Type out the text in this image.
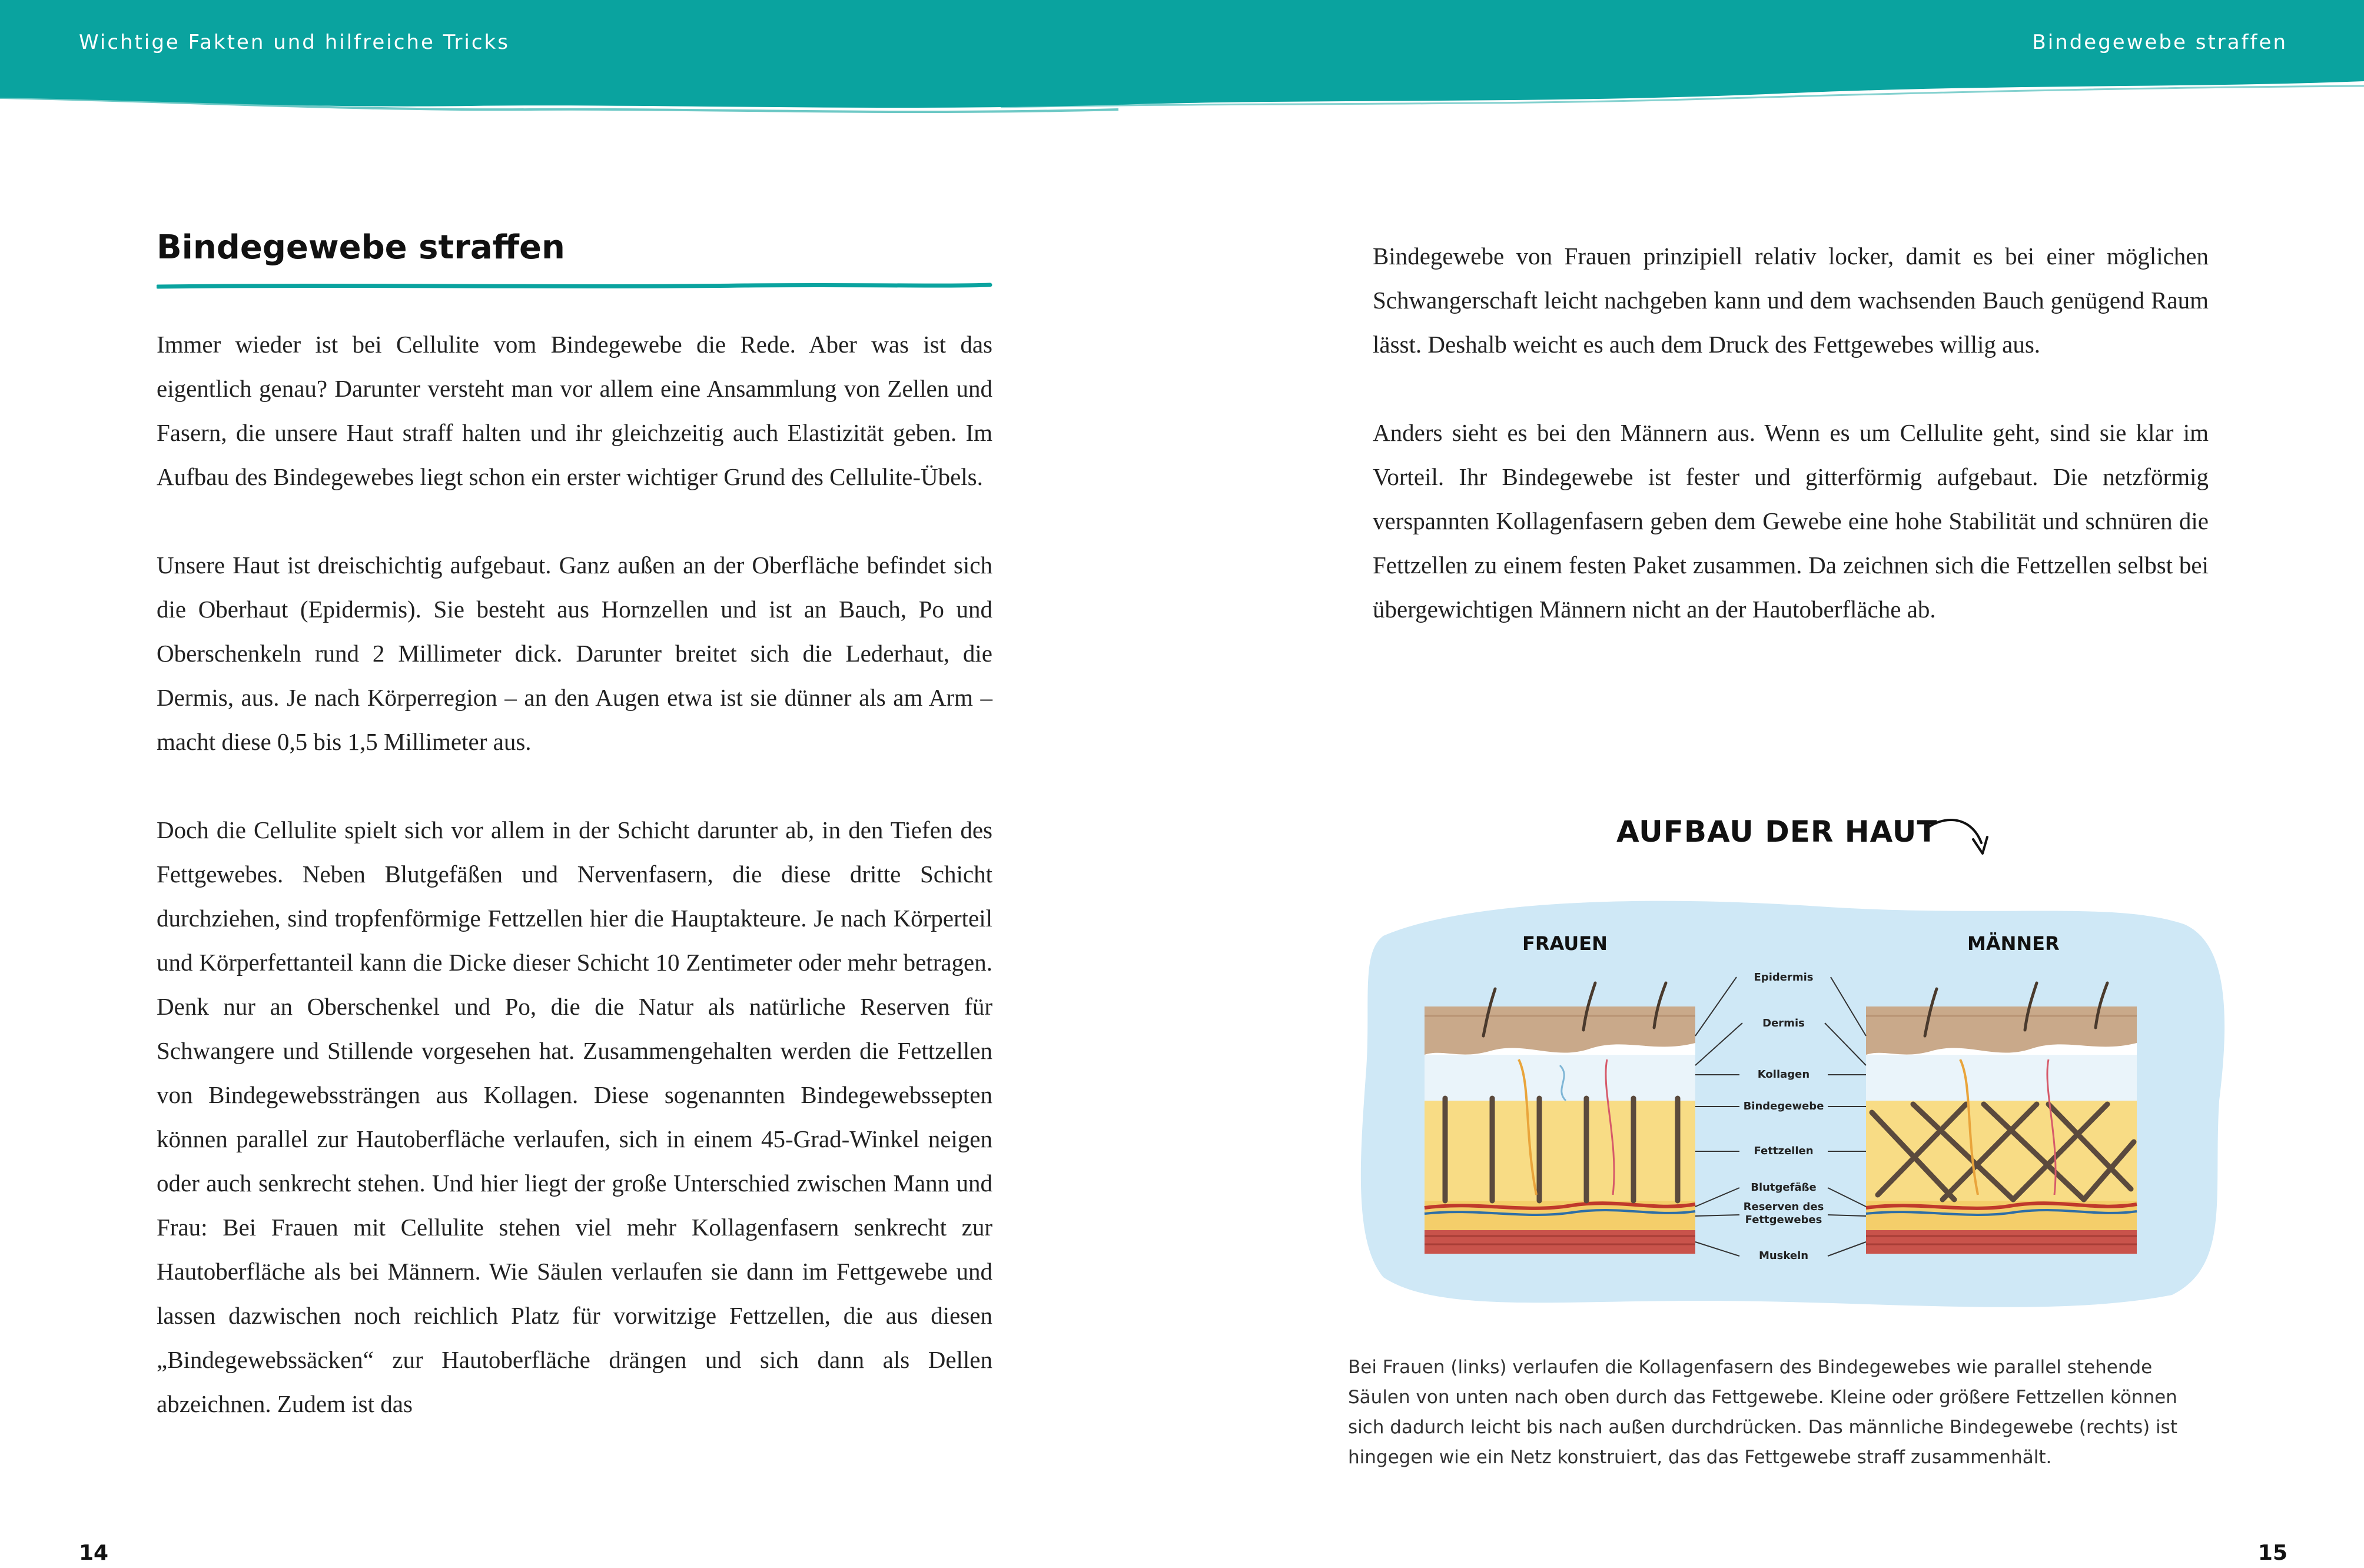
Wichtige Fakten und hilfreiche Tricks	Bindegewebe straffen
Bindegewebe straffen

Immer wieder ist bei Cellulite vom Bindegewebe die Rede. Aber was ist das eigentlich genau? Darunter versteht man vor allem eine Ansammlung von Zellen und Fasern, die unsere Haut straff halten und ihr gleichzeitig auch Elastizität geben. Im Aufbau des Bindegewebes liegt schon ein erster wichtiger Grund des Cellulite-Übels.

Unsere Haut ist dreischichtig aufgebaut. Ganz außen an der Oberfläche befindet sich die Oberhaut (Epidermis). Sie besteht aus Hornzellen und ist an Bauch, Po und Oberschenkeln rund 2 Millimeter dick. Darunter breitet sich die Lederhaut, die Dermis, aus. Je nach Körperregion – an den Augen etwa ist sie dünner als am Arm – macht diese 0,5 bis 1,5 Millimeter aus.

Doch die Cellulite spielt sich vor allem in der Schicht darunter ab, in den Tiefen des Fettgewebes. Neben Blutgefäßen und Nervenfasern, die diese dritte Schicht durchziehen, sind tropfenförmige Fettzellen hier die Hauptakteure. Je nach Körperteil und Körperfettanteil kann die Dicke dieser Schicht 10 Zentimeter oder mehr betragen. Denk nur an Oberschenkel und Po, die die Natur als natürliche Reserven für Schwangere und Stillende vorgesehen hat. Zusammengehalten werden die Fettzellen von Bindegewebssträngen aus Kollagen. Diese sogenannten Bindegewebssepten können parallel zur Hautoberfläche verlaufen, sich in einem 45-Grad-Winkel neigen oder auch senkrecht stehen. Und hier liegt der große Unterschied zwischen Mann und Frau: Bei Frauen mit Cellulite stehen viel mehr Kollagenfasern senkrecht zur Hautoberfläche als bei Männern. Wie Säulen verlaufen sie dann im Fettgewebe und lassen dazwischen noch reichlich Platz für vorwitzige Fettzellen, die aus diesen „Bindegewebssäcken“ zur Hautoberfläche drängen und sich dann als Dellen abzeichnen. Zudem ist das

14

Bindegewebe von Frauen prinzipiell relativ locker, damit es bei einer möglichen Schwangerschaft leicht nachgeben kann und dem wachsenden Bauch genügend Raum lässt. Deshalb weicht es auch dem Druck des Fettgewebes willig aus.

Anders sieht es bei den Männern aus. Wenn es um Cellulite geht, sind sie klar im Vorteil. Ihr Bindegewebe ist fester und gitterförmig aufgebaut. Die netzförmig verspannten Kollagenfasern geben dem Gewebe eine hohe Stabilität und schnüren die Fettzellen zu einem festen Paket zusammen. Da zeichnen sich die Fettzellen selbst bei übergewichtigen Männern nicht an der Hautoberfläche ab.

AUFBAU DER HAUT
FRAUEN	MÄNNER
Epidermis
Dermis
Kollagen
Bindegewebe
Fettzellen
Blutgefäße
Reserven des Fettgewebes
Muskeln
Bei Frauen (links) verlaufen die Kollagenfasern des Bindegewebes wie parallel stehende Säulen von unten nach oben durch das Fettgewebe. Kleine oder größere Fettzellen können sich dadurch leicht bis nach außen durchdrücken. Das männliche Bindegewebe (rechts) ist hingegen wie ein Netz konstruiert, das das Fettgewebe straff zusammenhält.
15
